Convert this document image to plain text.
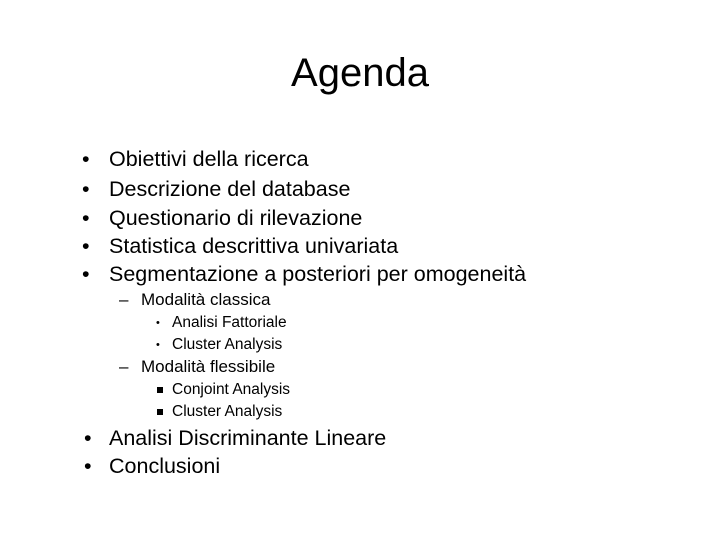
Agenda
• Obiettivi della ricerca
• Descrizione del database
• Questionario di rilevazione
• Statistica descrittiva univariata
• Segmentazione a posteriori per omogeneità
– Modalità classica
• Analisi Fattoriale
• Cluster Analysis
– Modalità flessibile
Conjoint Analysis
Cluster Analysis
• Analisi Discriminante Lineare
• Conclusioni
